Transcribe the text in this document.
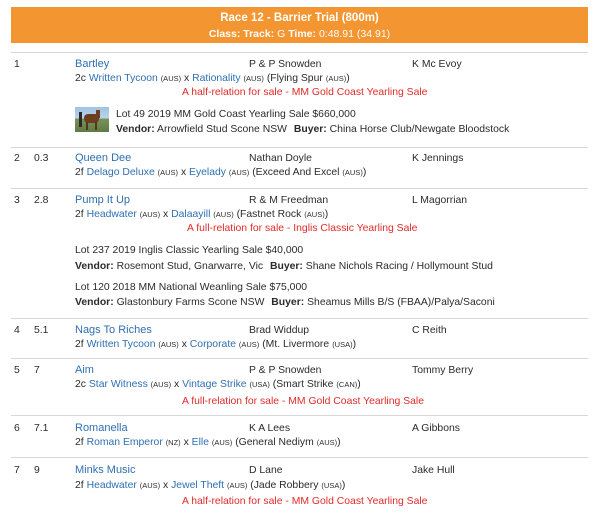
Race 12 - Barrier Trial (800m)
Class: Track: G Time: 0:48.91 (34.91)
1	Bartley	P & P Snowden	K Mc Evoy
2c Written Tycoon (AUS) x Rationality (AUS) (Flying Spur (AUS))
A half-relation for sale - MM Gold Coast Yearling Sale
Lot 49 2019 MM Gold Coast Yearling Sale $660,000
Vendor: Arrowfield Stud Scone NSW Buyer: China Horse Club/Newgate Bloodstock
2 0.3 Queen Dee	Nathan Doyle	K Jennings
2f Delago Deluxe (AUS) x Eyelady (AUS) (Exceed And Excel (AUS))
3 2.8 Pump It Up	R & M Freedman	L Magorrian
2f Headwater (AUS) x Dalaayill (AUS) (Fastnet Rock (AUS))
A full-relation for sale - Inglis Classic Yearling Sale
Lot 237 2019 Inglis Classic Yearling Sale $40,000
Vendor: Rosemont Stud, Gnarwarre, Vic Buyer: Shane Nichols Racing / Hollymount Stud
Lot 120 2018 MM National Weanling Sale $75,000
Vendor: Glastonbury Farms Scone NSW Buyer: Sheamus Mills B/S (FBAA)/Palya/Saconi
4 5.1 Nags To Riches	Brad Widdup	C Reith
2f Written Tycoon (AUS) x Corporate (AUS) (Mt. Livermore (USA))
5 7	Aim	P & P Snowden	Tommy Berry
2c Star Witness (AUS) x Vintage Strike (USA) (Smart Strike (CAN))
A full-relation for sale - MM Gold Coast Yearling Sale
6 7.1 Romanella	K A Lees	A Gibbons
2f Roman Emperor (NZ) x Elle (AUS) (General Nediym (AUS))
7 9	Minks Music	D Lane	Jake Hull
2f Headwater (AUS) x Jewel Theft (AUS) (Jade Robbery (USA))
A half-relation for sale - MM Gold Coast Yearling Sale
